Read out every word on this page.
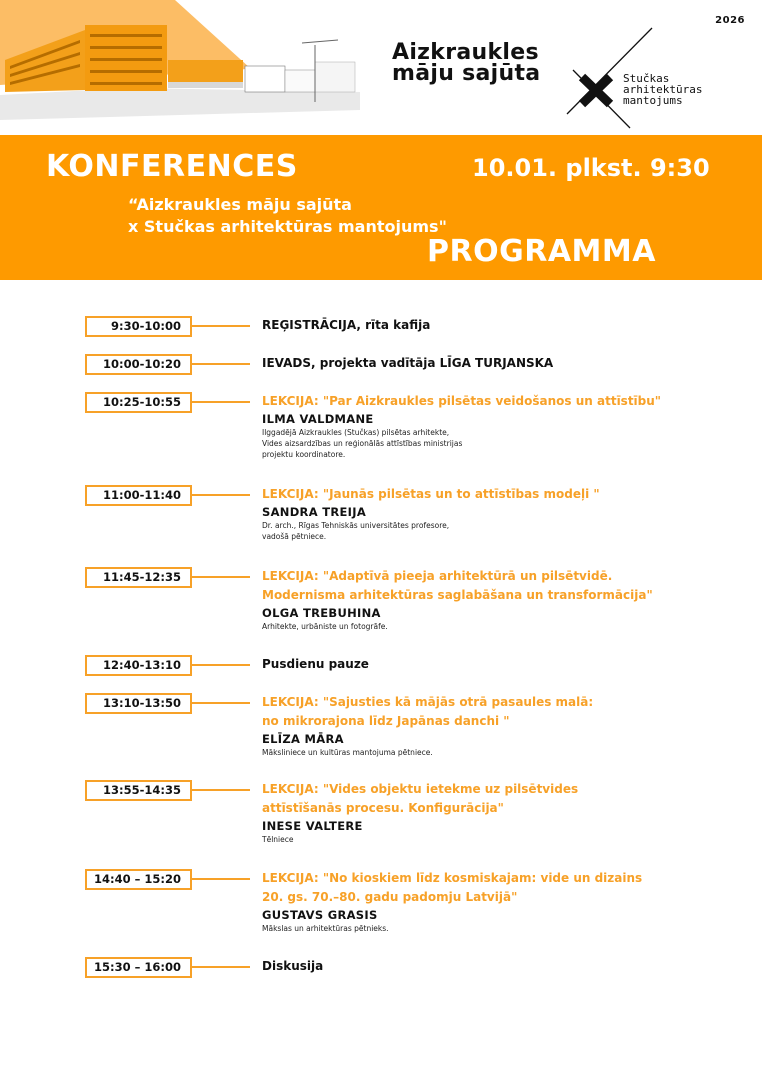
2026
Aizkraukles
māju sajūta	Stučkas
arhitektūras
mantojums
KONFERENCES	10.01. plkst. 9:30
“Aizkraukles māju sajūta
x Stučkas arhitektūras mantojums"
PROGRAMMA
9:30-10:00	REĢISTRĀCIJA, rīta kafija
10:00-10:20	IEVADS, projekta vadītāja LĪGA TURJANSKA
10:25-10:55	LEKCIJA: "Par Aizkraukles pilsētas veidošanos un attīstību"
ILMA VALDMANE
Ilggadējā Aizkraukles (Stučkas) pilsētas arhitekte,
Vides aizsardzības un reģionālās attīstības ministrijas
projektu koordinatore.
11:00-11:40	LEKCIJA: "Jaunās pilsētas un to attīstības modeļi "
SANDRA TREIJA
Dr. arch., Rīgas Tehniskās universitātes profesore,
vadošā pētniece.
11:45-12:35	LEKCIJA: "Adaptīvā pieeja arhitektūrā un pilsētvidē.
Modernisma arhitektūras saglabāšana un transformācija"
OLGA TREBUHINA
Arhitekte, urbāniste un fotogrāfe.
12:40-13:10	Pusdienu pauze
13:10-13:50	LEKCIJA: "Sajusties kā mājās otrā pasaules malā:
no mikrorajona līdz Japānas danchi "
ELĪZA MĀRA
Māksliniece un kultūras mantojuma pētniece.
13:55-14:35	LEKCIJA: "Vides objektu ietekme uz pilsētvides
attīstīšanās procesu. Konfigurācija"
INESE VALTERE
Tēlniece
14:40 – 15:20	LEKCIJA: "No kioskiem līdz kosmiskajam: vide un dizains
20. gs. 70.–80. gadu padomju Latvijā"
GUSTAVS GRASIS
Mākslas un arhitektūras pētnieks.
15:30 – 16:00	Diskusija
